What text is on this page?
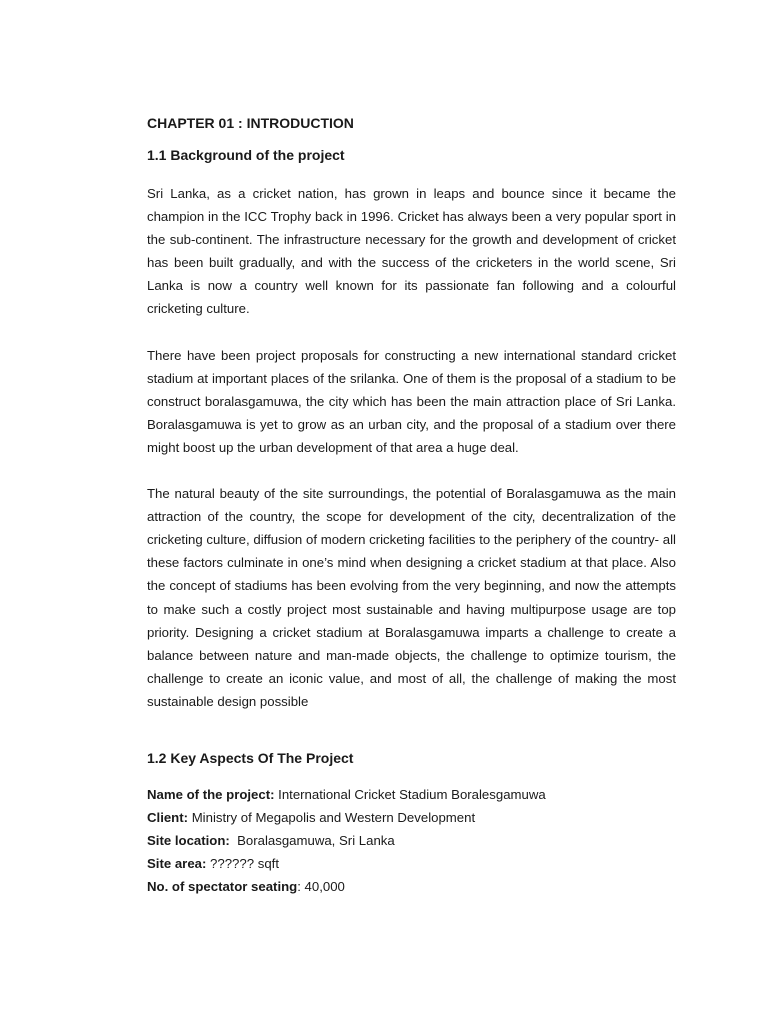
CHAPTER 01 : INTRODUCTION
1.1 Background of the project

Sri Lanka, as a cricket nation, has grown in leaps and bounce since it became the champion in the ICC Trophy back in 1996. Cricket has always been a very popular sport in the sub-continent. The infrastructure necessary for the growth and development of cricket has been built gradually, and with the success of the cricketers in the world scene, Sri Lanka is now a country well known for its passionate fan following and a colourful cricketing culture.

There have been project proposals for constructing a new international standard cricket stadium at important places of the srilanka. One of them is the proposal of a stadium to be construct boralasgamuwa, the city which has been the main attraction place of Sri Lanka. Boralasgamuwa is yet to grow as an urban city, and the proposal of a stadium over there might boost up the urban development of that area a huge deal.

The natural beauty of the site surroundings, the potential of Boralasgamuwa as the main attraction of the country, the scope for development of the city, decentralization of the cricketing culture, diffusion of modern cricketing facilities to the periphery of the country- all these factors culminate in one’s mind when designing a cricket stadium at that place. Also the concept of stadiums has been evolving from the very beginning, and now the attempts to make such a costly project most sustainable and having multipurpose usage are top priority. Designing a cricket stadium at Boralasgamuwa imparts a challenge to create a balance between nature and man-made objects, the challenge to optimize tourism, the challenge to create an iconic value, and most of all, the challenge of making the most sustainable design possible

1.2 Key Aspects Of The Project

Name of the project: International Cricket Stadium Boralesgamuwa

Client: Ministry of Megapolis and Western Development

Site location:  Boralasgamuwa, Sri Lanka

Site area: ?????? sqft

No. of spectator seating: 40,000
